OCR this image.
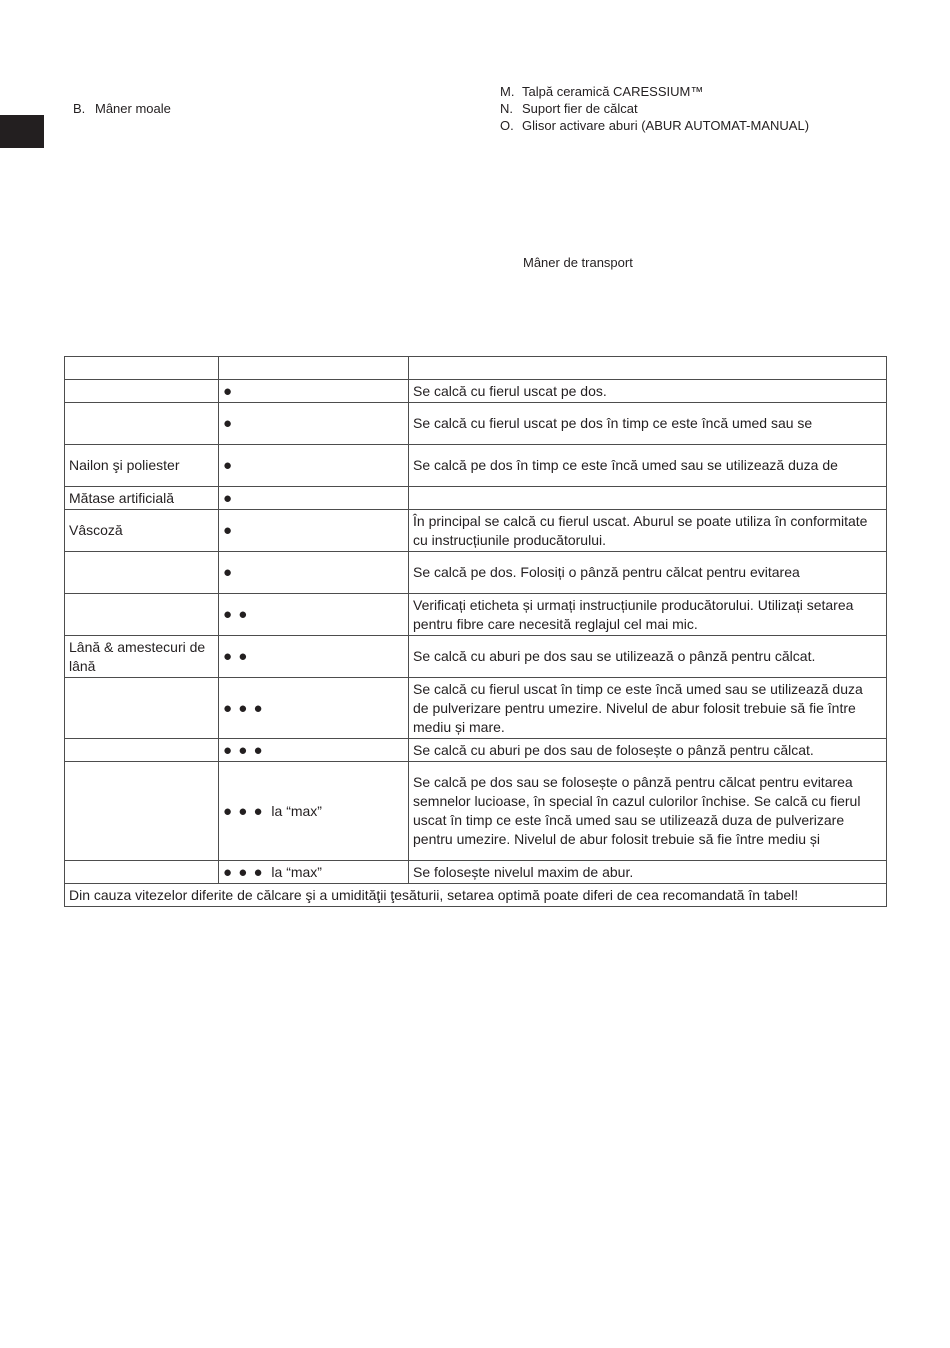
B. Mâner moale
M. Talpă ceramică CARESSIUM™
N. Suport fier de călcat
O. Glisor activare aburi (ABUR AUTOMAT-MANUAL)
Mâner de transport

	●	Se calcă cu fierul uscat pe dos.
	●	Se calcă cu fierul uscat pe dos în timp ce este încă umed sau se
Nailon şi poliester	●	Se calcă pe dos în timp ce este încă umed sau se utilizează duza de
Mătase artificială	●	
Vâscoză	●	În principal se calcă cu fierul uscat. Aburul se poate utiliza în conformitate cu instrucțiunile producătorului.
	●	Se calcă pe dos. Folosiți o pânză pentru călcat pentru evitarea
	● ●	Verificați eticheta și urmați instrucțiunile producătorului. Utilizați setarea pentru fibre care necesită reglajul cel mai mic.
Lână & amestecuri de lână	● ●	Se calcă cu aburi pe dos sau se utilizează o pânză pentru călcat.
	● ● ●	Se calcă cu fierul uscat în timp ce este încă umed sau se utilizează duza de pulverizare pentru umezire. Nivelul de abur folosit trebuie să fie între mediu și mare.
	● ● ●	Se calcă cu aburi pe dos sau de folosește o pânză pentru călcat.
	● ● ● la “max”	Se calcă pe dos sau se folosește o pânză pentru călcat pentru evitarea semnelor lucioase, în special în cazul culorilor închise. Se calcă cu fierul uscat în timp ce este încă umed sau se utilizează duza de pulverizare pentru umezire. Nivelul de abur folosit trebuie să fie între mediu și
	● ● ● la “max”	Se folosește nivelul maxim de abur.
Din cauza vitezelor diferite de călcare şi a umidităţii ţesăturii, setarea optimă poate diferi de cea recomandată în tabel!		
